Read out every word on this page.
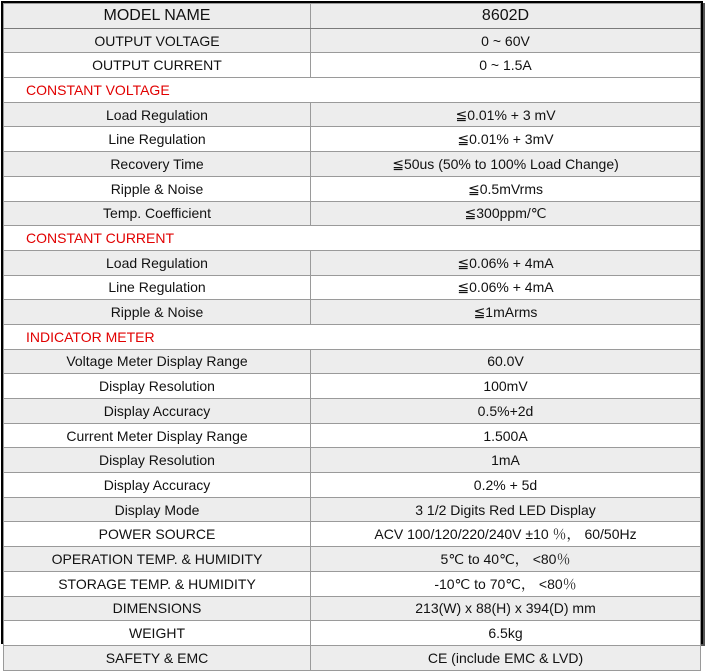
MODEL NAME	8602D
OUTPUT VOLTAGE	0 ~ 60V
OUTPUT CURRENT	0 ~ 1.5A
CONSTANT VOLTAGE	
Load Regulation	≦0.01% + 3 mV
Line Regulation	≦0.01% + 3mV
Recovery Time	≦50us (50% to 100% Load Change)
Ripple & Noise	≦0.5mVrms
Temp. Coefficient	≦300ppm/℃
CONSTANT CURRENT	
Load Regulation	≦0.06% + 4mA
Line Regulation	≦0.06% + 4mA
Ripple & Noise	≦1mArms
INDICATOR METER	
Voltage Meter Display Range	60.0V
Display Resolution	100mV
Display Accuracy	0.5%+2d
Current Meter Display Range	1.500A
Display Resolution	1mA
Display Accuracy	0.2% + 5d
Display Mode	3 1/2 Digits Red LED Display
POWER SOURCE	ACV 100/120/220/240V ±10 ％， 60/50Hz
OPERATION TEMP. & HUMIDITY	5℃ to 40℃， <80％
STORAGE TEMP. & HUMIDITY	-10℃ to 70℃， <80％
DIMENSIONS	213(W) x 88(H) x 394(D) mm
WEIGHT	6.5kg
SAFETY & EMC	CE (include EMC & LVD)
